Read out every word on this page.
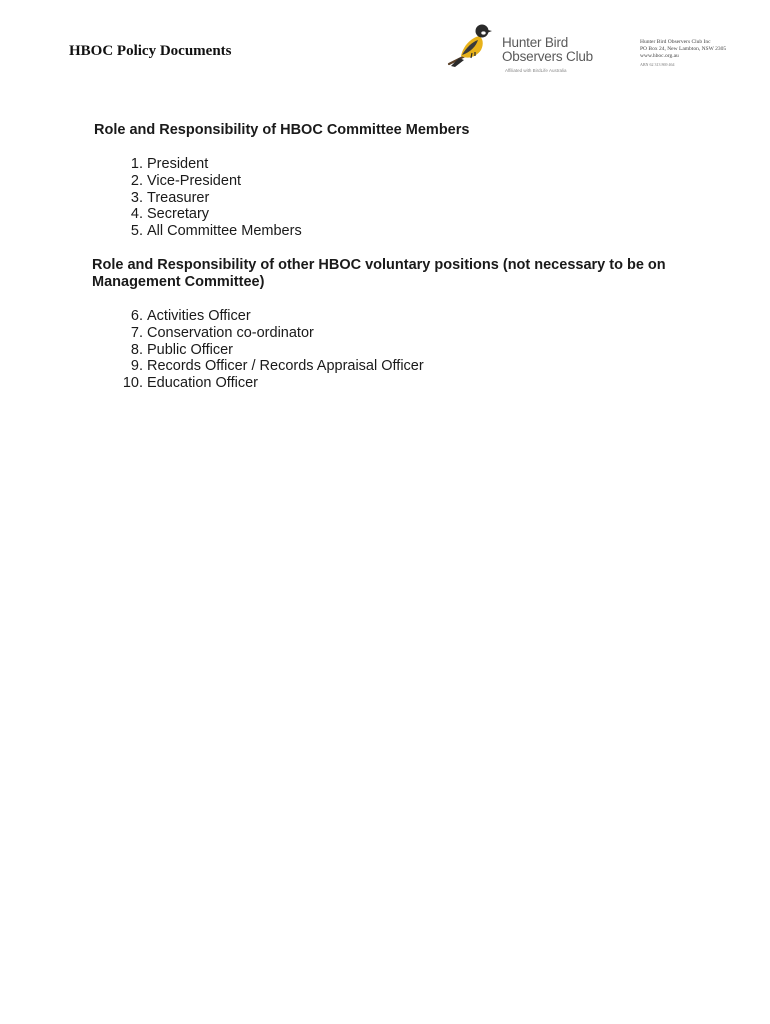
HBOC Policy Documents
Hunter Bird
Observers Club
Affiliated with BirdLife Australia
Hunter Bird Observers Club Inc
PO Box 24, New Lambton, NSW 2305
www.hboc.org.au
ABN 62 313 869 464
Role and Responsibility of HBOC Committee Members
1. President
2. Vice-President
3. Treasurer
4. Secretary
5. All Committee Members
Role and Responsibility of other HBOC voluntary positions (not necessary to be on Management Committee)
6. Activities Officer
7. Conservation co-ordinator
8. Public Officer
9. Records Officer / Records Appraisal Officer
10. Education Officer
